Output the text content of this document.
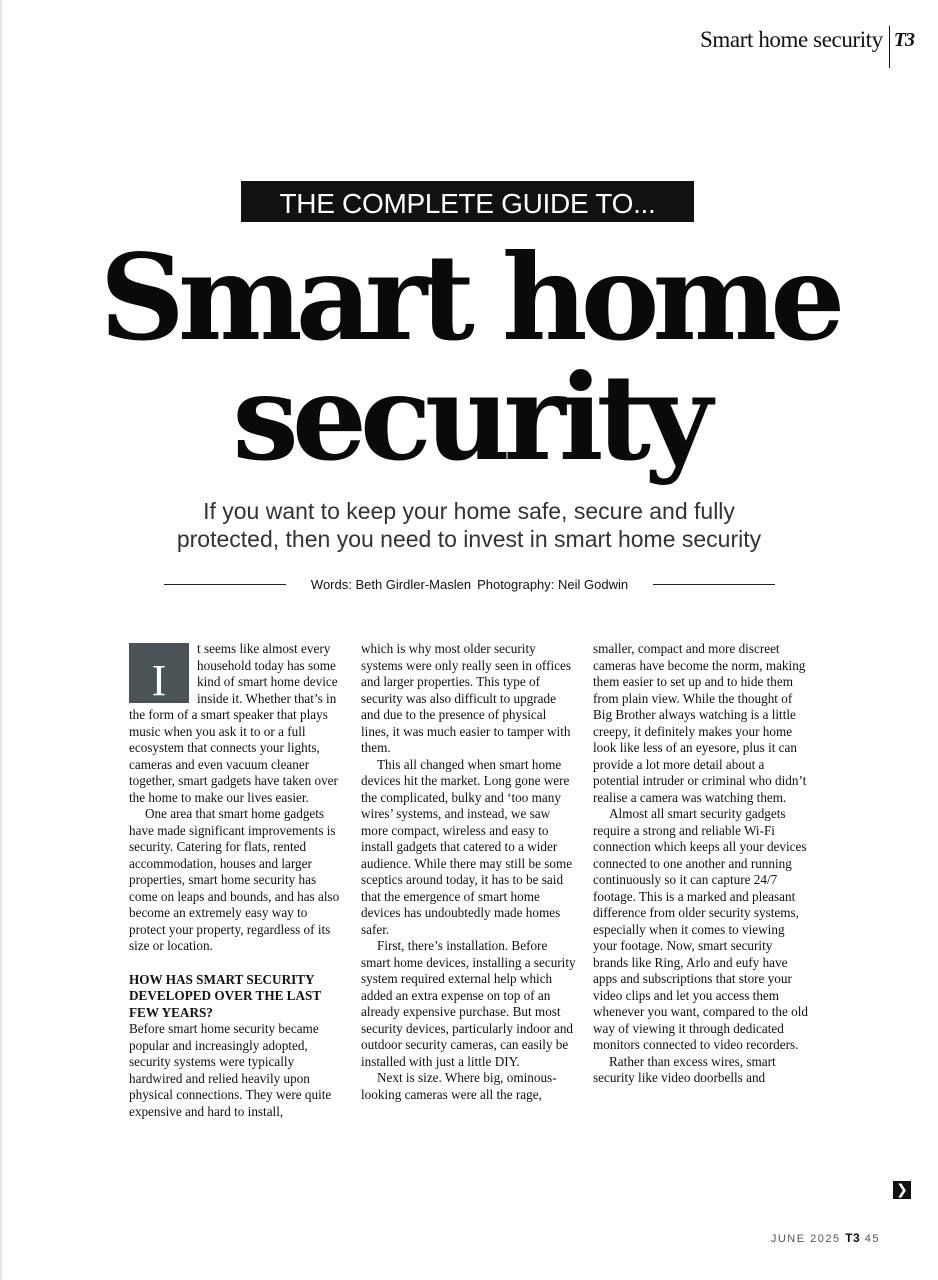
Smart home security T3
THE COMPLETE GUIDE TO...
Smart home
security
If you want to keep your home safe, secure and fully
protected, then you need to invest in smart home security
Words: Beth Girdler-Maslen Photography: Neil Godwin

I
t seems like almost every household today has some kind of smart home device inside it. Whether that’s in the form of a smart speaker that plays music when you ask it to or a full ecosystem that connects your lights, cameras and even vacuum cleaner together, smart gadgets have taken over the home to make our lives easier.

One area that smart home gadgets have made significant improvements is security. Catering for flats, rented accommodation, houses and larger properties, smart home security has come on leaps and bounds, and has also become an extremely easy way to protect your property, regardless of its size or location.

HOW HAS SMART SECURITY DEVELOPED OVER THE LAST FEW YEARS?

Before smart home security became popular and increasingly adopted, security systems were typically hardwired and relied heavily upon physical connections. They were quite expensive and hard to install,

which is why most older security systems were only really seen in offices and larger properties. This type of security was also difficult to upgrade and due to the presence of physical lines, it was much easier to tamper with them.

This all changed when smart home devices hit the market. Long gone were the complicated, bulky and ‘too many wires’ systems, and instead, we saw more compact, wireless and easy to install gadgets that catered to a wider audience. While there may still be some sceptics around today, it has to be said that the emergence of smart home devices has undoubtedly made homes safer.

First, there’s installation. Before smart home devices, installing a security system required external help which added an extra expense on top of an already expensive purchase. But most security devices, particularly indoor and outdoor security cameras, can easily be installed with just a little DIY.

Next is size. Where big, ominous-looking cameras were all the rage,

smaller, compact and more discreet cameras have become the norm, making them easier to set up and to hide them from plain view. While the thought of Big Brother always watching is a little creepy, it definitely makes your home look like less of an eyesore, plus it can provide a lot more detail about a potential intruder or criminal who didn’t realise a camera was watching them.

Almost all smart security gadgets require a strong and reliable Wi-Fi connection which keeps all your devices connected to one another and running continuously so it can capture 24/7 footage. This is a marked and pleasant difference from older security systems, especially when it comes to viewing your footage. Now, smart security brands like Ring, Arlo and eufy have apps and subscriptions that store your video clips and let you access them whenever you want, compared to the old way of viewing it through dedicated monitors connected to video recorders.

Rather than excess wires, smart security like video doorbells and

❯
JUNE 2025 T3 45
